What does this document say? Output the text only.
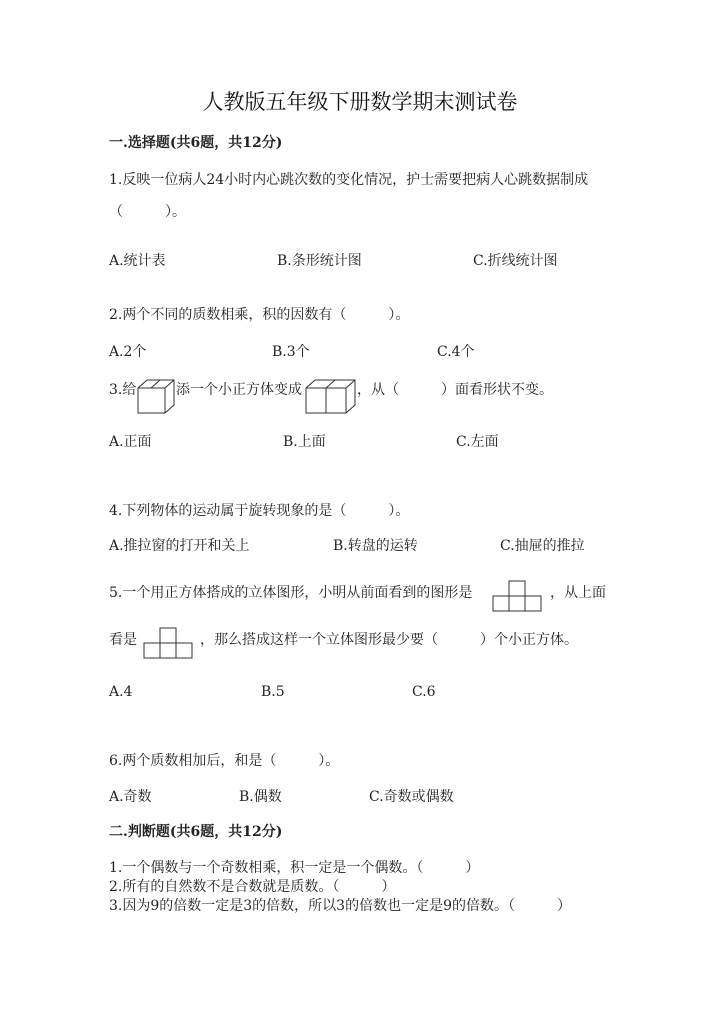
人教版五年级下册数学期末测试卷
一.选择题(共6题，共12分)
1.反映一位病人24小时内心跳次数的变化情况，护士需要把病人心跳数据制成
（　　　）。
A.统计表	B.条形统计图	C.折线统计图
2.两个不同的质数相乘，积的因数有（　　　）。
A.2个	B.3个	C.4个
3.给	添一个小正方体变成	，从（　　　）面看形状不变。
A.正面	B.上面	C.左面
4.下列物体的运动属于旋转现象的是（　　　）。
A.推拉窗的打开和关上	B.转盘的运转	C.抽屉的推拉
5.一个用正方体搭成的立体图形，小明从前面看到的图形是	，从上面
看是	，那么搭成这样一个立体图形最少要（　　　）个小正方体。
A.4	B.5	C.6
6.两个质数相加后，和是（　　　）。
A.奇数	B.偶数	C.奇数或偶数
二.判断题(共6题，共12分)
1.一个偶数与一个奇数相乘，积一定是一个偶数。（　　　）
2.所有的自然数不是合数就是质数。（　　　）
3.因为9的倍数一定是3的倍数，所以3的倍数也一定是9的倍数。（　　　）
